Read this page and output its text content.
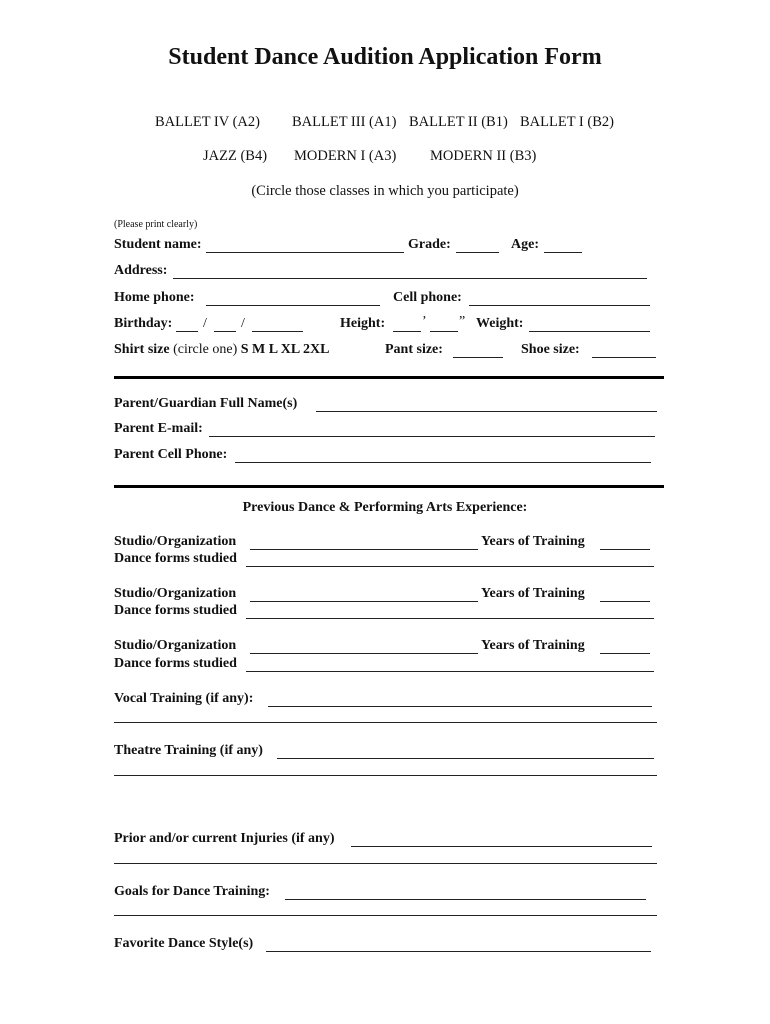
Student Dance Audition Application Form
BALLET IV (A2) BALLET III (A1) BALLET II (B1) BALLET I (B2)
JAZZ (B4) MODERN I (A3) MODERN II (B3)
(Circle those classes in which you participate)
(Please print clearly)
Student name:	Grade:	Age:
Address:
Home phone:	Cell phone:
Birthday: / /	Height:	’ ” Weight:
Shirt size (circle one) S M L XL 2XL	Pant size:	Shoe size:
Parent/Guardian Full Name(s)
Parent E-mail:
Parent Cell Phone:
Previous Dance & Performing Arts Experience:
Studio/Organization	Years of Training
Dance forms studied
Studio/Organization	Years of Training
Dance forms studied
Studio/Organization	Years of Training
Dance forms studied
Vocal Training (if any):
Theatre Training (if any)
Prior and/or current Injuries (if any)
Goals for Dance Training:
Favorite Dance Style(s)
